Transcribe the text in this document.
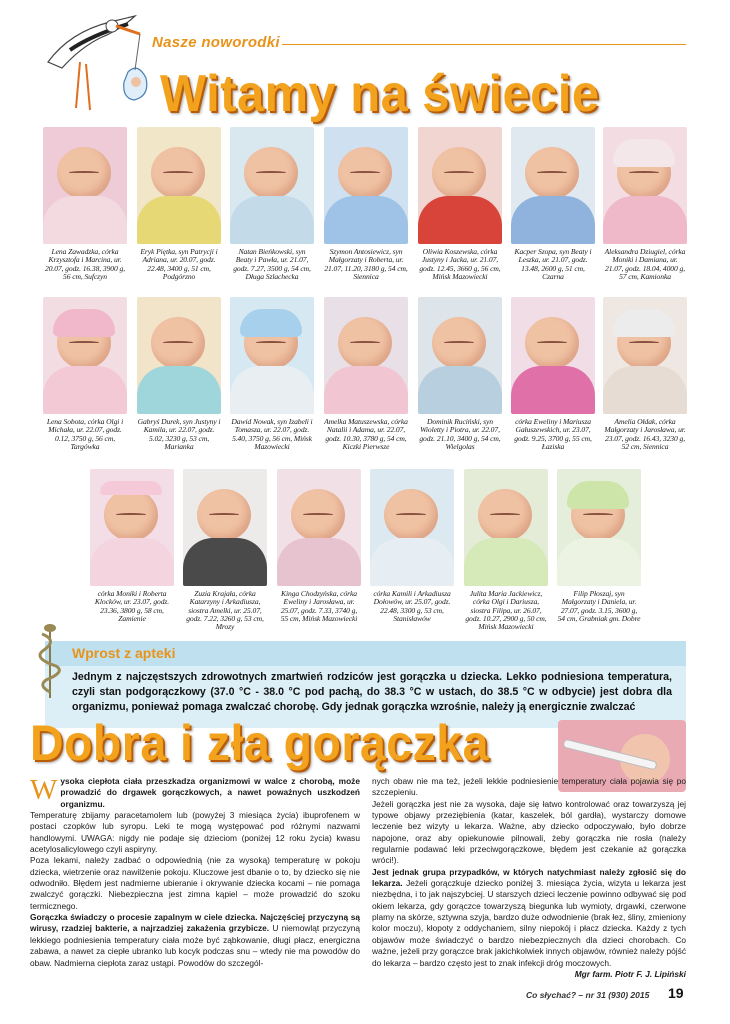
Nasze noworodki
Witamy na świecie
Lena Zawadzka, córka Krzysztofa i Marcina, ur. 20.07, godz. 16.38, 3900 g, 56 cm, Sufczyn
Eryk Piętka, syn Patrycji i Adriana, ur. 20.07, godz. 22.48, 3400 g, 51 cm, Podgórzno
Natan Bieńkowski, syn Beaty i Pawła, ur. 21.07, godz. 7.27, 3500 g, 54 cm, Długa Szlachecka
Szymon Antosiewicz, syn Małgorzaty i Roberta, ur. 21.07, 11.20, 3180 g, 54 cm, Siennica
Oliwia Koszewska, córka Justyny i Jacka, ur. 21.07, godz. 12.45, 3660 g, 56 cm, Mińsk Mazowiecki
Kacper Szopa, syn Beaty i Leszka, ur. 21.07, godz. 13.48, 2600 g, 51 cm, Czarna
Aleksandra Dziugiel, córka Moniki i Damiana, ur. 21.07, godz. 18.04, 4000 g, 57 cm, Kamionka
Lena Sobota, córka Olgi i Michała, ur. 22.07, godz. 0.12, 3750 g, 56 cm, Targówka
Gabryś Durek, syn Justyny i Kamila, ur. 22.07, godz. 5.02, 3230 g, 53 cm, Marianka
Dawid Nowak, syn Izabeli i Tomasza, ur. 22.07, godz. 5.40, 3750 g, 56 cm, Mińsk Mazowiecki
Amelka Matuszewska, córka Natalii i Adama, ur. 22.07, godz. 10.30, 3780 g, 54 cm, Kiczki Pierwsze
Dominik Ruciński, syn Wioletty i Piotra, ur. 22.07, godz. 21.10, 3400 g, 54 cm, Wielgolas
córka Eweliny i Mariusza Gałuszewskich, ur. 23.07, godz. 9.25, 3700 g, 55 cm, Łaziska
Amelia Ołdak, córka Małgorzaty i Jarosława, ur. 23.07, godz. 16.43, 3230 g, 52 cm, Siennica
córka Moniki i Roberta Klocków, ur. 23.07, godz. 23.36, 3800 g, 58 cm, Zamienie
Zuzia Krajała, córka Katarzyny i Arkadiusza, siostra Amelki, ur. 25.07, godz. 7.22, 3260 g, 53 cm, Mrozy
Kinga Chodzyńska, córka Eweliny i Jarosława, ur. 25.07, godz. 7.33, 3740 g, 55 cm, Mińsk Mazowiecki
córka Kamili i Arkadiusza Dołowów, ur. 25.07, godz. 22.48, 3300 g, 53 cm, Stanisławów
Julita Maria Jackiewicz, córka Olgi i Dariusza, siostra Filipa, ur. 26.07, godz. 10.27, 2900 g, 50 cm, Mińsk Mazowiecki
Filip Płoszaj, syn Małgorzaty i Daniela, ur. 27.07, godz. 3.15, 3600 g, 54 cm, Grabniak gm. Dobre
Wprost z apteki
Jednym z najczęstszych zdrowotnych zmartwień rodziców jest gorączka u dziecka. Lekko podniesiona temperatura, czyli stan podgorączkowy (37.0 °C - 38.0 °C pod pachą, do 38.3 °C w ustach, do 38.5 °C w odbycie) jest dobra dla organizmu, ponieważ pomaga zwalczać chorobę. Gdy jednak gorączka wzrośnie, należy ją energicznie zwalczać
Dobra i zła gorączka

Wysoka ciepłota ciała przeszkadza organizmowi w walce z chorobą, może prowadzić do drgawek gorączkowych, a nawet poważnych uszkodzeń organizmu.

Temperaturę zbijamy paracetamolem lub (powyżej 3 miesiąca życia) ibuprofenem w postaci czopków lub syropu. Leki te mogą występować pod różnymi nazwami handlowymi. UWAGA: nigdy nie podaje się dzieciom (poniżej 12 roku życia) kwasu acetylosalicylowego czyli aspiryny.

Poza lekami, należy zadbać o odpowiednią (nie za wysoką) temperaturę w pokoju dziecka, wietrzenie oraz nawilżenie pokoju. Kluczowe jest dbanie o to, by dziecko się nie odwodniło. Błędem jest nadmierne ubieranie i okrywanie dziecka kocami – nie pomaga zwalczyć gorączki. Niebezpieczna jest zimna kąpiel – może prowadzić do szoku termicznego.

Gorączka świadczy o procesie zapalnym w ciele dziecka. Najczęściej przyczyną są wirusy, rzadziej bakterie, a najrzadziej zakażenia grzybicze. U niemowląt przyczyną lekkiego podniesienia temperatury ciała może być ząbkowanie, długi płacz, energiczna zabawa, a nawet za ciepłe ubranko lub kocyk podczas snu – wtedy nie ma powodów do obaw. Nadmierna ciepłota zaraz ustąpi. Powodów do szczegól-

nych obaw nie ma też, jeżeli lekkie podniesienie temperatury ciała pojawia się po szczepieniu.

Jeżeli gorączka jest nie za wysoka, daje się łatwo kontrolować oraz towarzyszą jej typowe objawy przeziębienia (katar, kaszelek, ból gardła), wystarczy domowe leczenie bez wizyty u lekarza. Ważne, aby dziecko odpoczywało, było dobrze napojone, oraz aby opiekunowie pilnowali, żeby gorączka nie rosła (należy regularnie podawać leki przeciwgorączkowe, błędem jest czekanie aż gorączka wróci!).

Jest jednak grupa przypadków, w których natychmiast należy zgłosić się do lekarza. Jeżeli gorączkuje dziecko poniżej 3. miesiąca życia, wizyta u lekarza jest niezbędna, i to jak najszybciej. U starszych dzieci leczenie powinno odbywać się pod okiem lekarza, gdy gorączce towarzyszą biegunka lub wymioty, drgawki, czerwone plamy na skórze, sztywna szyja, bardzo duże odwodnienie (brak łez, śliny, zmieniony kolor moczu), kłopoty z oddychaniem, silny niepokój i płacz dziecka. Każdy z tych objawów może świadczyć o bardzo niebezpiecznych dla dzieci chorobach. Co ważne, jeżeli przy gorączce brak jakichkolwiek innych objawów, również należy pójść do lekarza – bardzo często jest to znak infekcji dróg moczowych.

Mgr farm. Piotr F. J. Lipiński

Co słychać? – nr 31 (930) 2015 19
